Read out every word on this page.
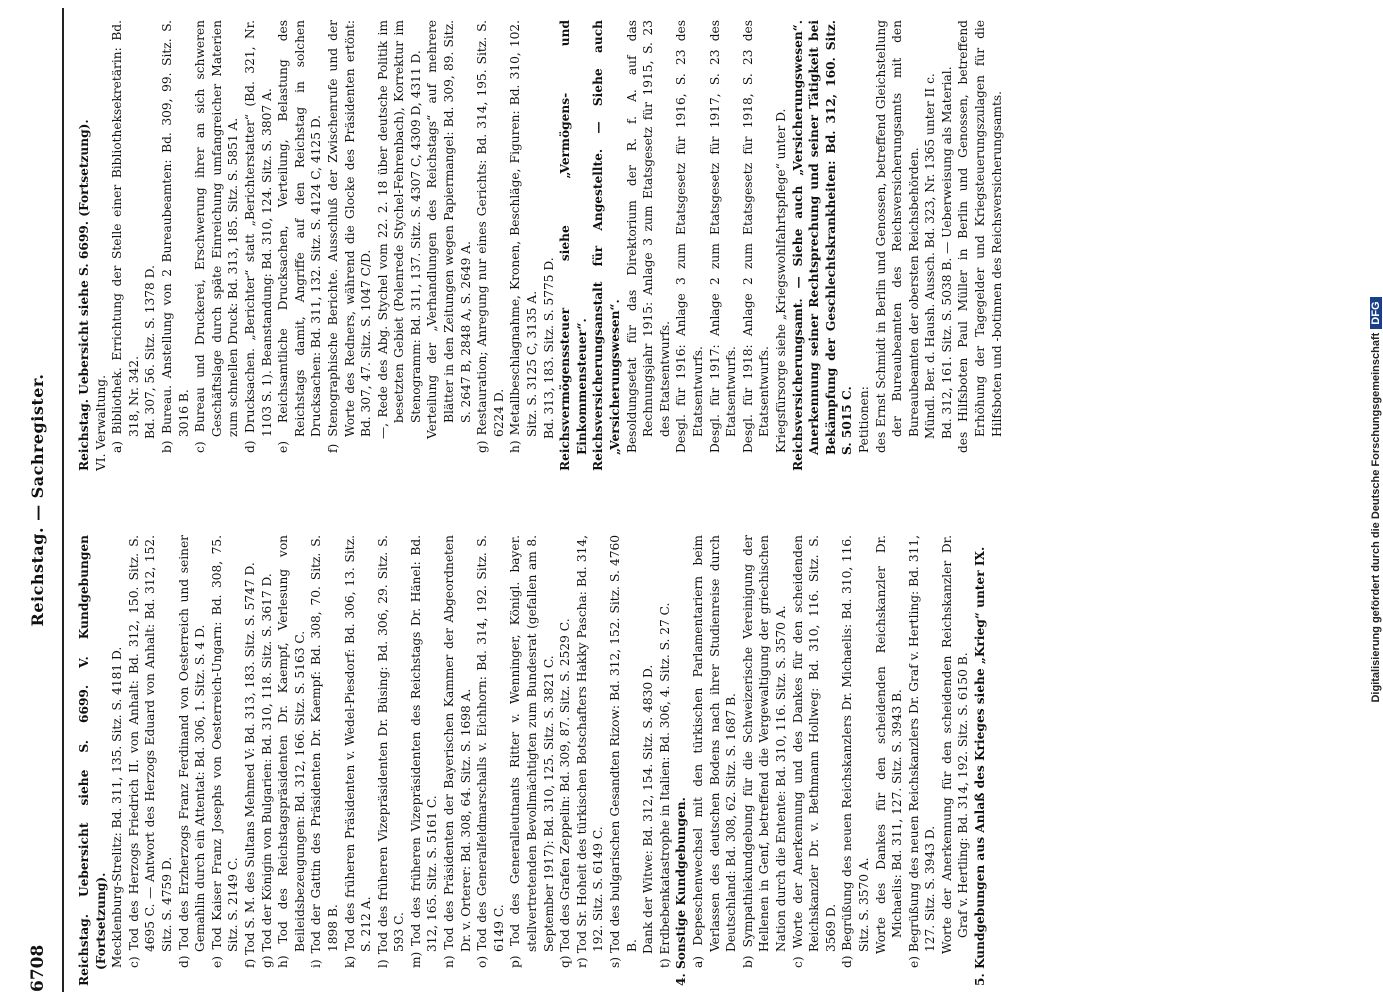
6708
Reichstag. — Sachregister.

Reichstag. Uebersicht siehe S. 6699. V. Kundgebungen (Fortsetzung). Mecklenburg-Strelitz: Bd. 311, 135. Sitz. S. 4181 D. c) Tod des Herzogs Friedrich II. von Anhalt: Bd. 312, 150. Sitz. S. 4695 C. — Antwort des Herzogs Eduard von Anhalt: Bd. 312, 152. Sitz. S. 4759 D. d) Tod des Erzherzogs Franz Ferdinand von Oesterreich und seiner Gemahlin durch ein Attentat: Bd. 306, 1. Sitz. S. 4 D. e) Tod Kaiser Franz Josephs von Oesterreich-Ungarn: Bd. 308, 75. Sitz. S. 2149 C. f) Tod S. M. des Sultans Mehmed V: Bd. 313, 183. Sitz. S. 5747 D. g) Tod der Königin von Bulgarien: Bd. 310, 118. Sitz. S. 3617 D. h) Tod des Reichstagspräsidenten Dr. Kaempf, Verlesung von Beileidsbezeugungen: Bd. 312, 166. Sitz. S. 5163 C. i) Tod der Gattin des Präsidenten Dr. Kaempf: Bd. 308, 70. Sitz. S. 1898 B. k) Tod des früheren Präsidenten v. Wedel-Piesdorf: Bd. 306, 13. Sitz. S. 212 A. l) Tod des früheren Vizepräsidenten Dr. Büsing: Bd. 306, 29. Sitz. S. 593 C. m) Tod des früheren Vizepräsidenten des Reichstags Dr. Hänel: Bd. 312, 165. Sitz. S. 5161 C. n) Tod des Präsidenten der Bayerischen Kammer der Abgeordneten Dr. v. Orterer: Bd. 308, 64. Sitz. S. 1698 A. o) Tod des Generalfeldmarschalls v. Eichhorn: Bd. 314, 192. Sitz. S. 6149 C. p) Tod des Generalleutnants Ritter v. Wenninger, Königl. bayer. stellvertretenden Bevollmächtigten zum Bundesrat (gefallen am 8. September 1917): Bd. 310, 125. Sitz. S. 3821 C. q) Tod des Grafen Zeppelin: Bd. 309, 87. Sitz. S. 2529 C. r) Tod Sr. Hoheit des türkischen Botschafters Hakky Pascha: Bd. 314, 192. Sitz. S. 6149 C. s) Tod des bulgarischen Gesandten Rizow: Bd. 312, 152. Sitz. S. 4760 B. Dank der Witwe: Bd. 312, 154. Sitz. S. 4830 D. t) Erdbebenkatastrophe in Italien: Bd. 306, 4. Sitz. S. 27 C. 4. Sonstige Kundgebungen. a) Depeschenwechsel mit den türkischen Parlamentariern beim Verlassen des deutschen Bodens nach ihrer Studienreise durch Deutschland: Bd. 308, 62. Sitz. S. 1687 B. b) Sympathiekundgebung für die Schweizerische Vereinigung der Hellenen in Genf, betreffend die Vergewaltigung der griechischen Nation durch die Entente: Bd. 310, 116. Sitz. S. 3570 A. c) Worte der Anerkennung und des Dankes für den scheidenden Reichskanzler Dr. v. Bethmann Hollweg: Bd. 310, 116. Sitz. S. 3569 D. d) Begrüßung des neuen Reichskanzlers Dr. Michaelis: Bd. 310, 116. Sitz. S. 3570 A. Worte des Dankes für den scheidenden Reichskanzler Dr. Michaelis: Bd. 311, 127. Sitz. S. 3943 B. e) Begrüßung des neuen Reichskanzlers Dr. Graf v. Hertling: Bd. 311, 127. Sitz. S. 3943 D. Worte der Anerkennung für den scheidenden Reichskanzler Dr. Graf v. Hertling: Bd. 314, 192. Sitz. S. 6150 B. 5. Kundgebungen aus Anlaß des Krieges siehe „Krieg“ unter IX.

Reichstag. Uebersicht siehe S. 6699. (Fortsetzung). VI. Verwaltung. a) Bibliothek. Errichtung der Stelle einer Bibliotheksekretärin: Bd. 318, Nr. 342. Bd. 307, 56. Sitz. S. 1378 D. b) Bureau. Anstellung von 2 Bureaubeamten: Bd. 309, 99. Sitz. S. 3016 B. c) Bureau und Druckerei, Erschwerung ihrer an sich schweren Geschäftslage durch späte Einreichung umfangreicher Materien zum schnellen Druck: Bd. 313, 185. Sitz. S. 5851 A. d) Drucksachen. „Berichter“ statt „Berichterstatter“ (Bd. 321, Nr. 1103 S. 1). Beanstandung: Bd. 310, 124. Sitz. S. 3807 A. e) Reichsamtliche Drucksachen, Verteilung, Belastung des Reichstags damit, Angriffe auf den Reichstag in solchen Drucksachen: Bd. 311, 132. Sitz. S. 4124 C, 4125 D. f) Stenographische Berichte. Ausschluß der Zwischenrufe und der Worte des Redners, während die Glocke des Präsidenten ertönt: Bd. 307, 47. Sitz. S. 1047 C/D. —, Rede des Abg. Stychel vom 22. 2. 18 über deutsche Politik im besetzten Gebiet (Polenrede Stychel-Fehrenbach), Korrektur im Stenogramm: Bd. 311, 137. Sitz. S. 4307 C, 4309 D, 4311 D. Verteilung der „Verhandlungen des Reichstags“ auf mehrere Blätter in den Zeitungen wegen Papiermangel: Bd. 309, 89. Sitz. S. 2647 B, 2848 A, S. 2649 A. g) Restauration; Anregung nur eines Gerichts: Bd. 314, 195. Sitz. S. 6224 D. h) Metallbeschlagnahme, Kronen, Beschläge, Figuren: Bd. 310, 102. Sitz. S. 3125 C, 3135 A. Bd. 313, 183. Sitz. S. 5775 D. Reichsvermögenssteuer siehe „Vermögens- und Einkommensteuer“. Reichsversicherungsanstalt für Angestellte. — Siehe auch „Versicherungswesen“. Besoldungsetat für das Direktorium der R. f. A. auf das Rechnungsjahr 1915: Anlage 3 zum Etatsgesetz für 1915, S. 23 des Etatsentwurfs. Desgl. für 1916: Anlage 3 zum Etatsgesetz für 1916, S. 23 des Etatsentwurfs. Desgl. für 1917: Anlage 2 zum Etatsgesetz für 1917, S. 23 des Etatsentwurfs. Desgl. für 1918: Anlage 2 zum Etatsgesetz für 1918, S. 23 des Etatsentwurfs. Kriegsfürsorge siehe „Kriegswohlfahrtspflege“ unter D. Reichsversicherungsamt. — Siehe auch „Versicherungswesen“. Anerkennung seiner Rechtsprechung und seiner Tätigkeit bei Bekämpfung der Geschlechtskrankheiten: Bd. 312, 160. Sitz. S. 5015 C. Petitionen: des Ernst Schmidt in Berlin und Genossen, betreffend Gleichstellung der Bureaubeamten des Reichsversicherungsamts mit den Bureaubeamten der obersten Reichsbehörden. Mündl. Ber. d. Haush. Aussch. Bd. 323, Nr. 1365 unter II c. Bd. 312, 161. Sitz. S. 5038 B. — Ueberweisung als Material. des Hilfsboten Paul Müller in Berlin und Genossen, betreffend Erhöhung der Tagegelder und Kriegsteuerungszulagen für die Hilfsboten und -botinnen des Reichsversicherungsamts.

Digitalisierung gefördert durch die Deutsche ForschungsgemeinschaftDFG
